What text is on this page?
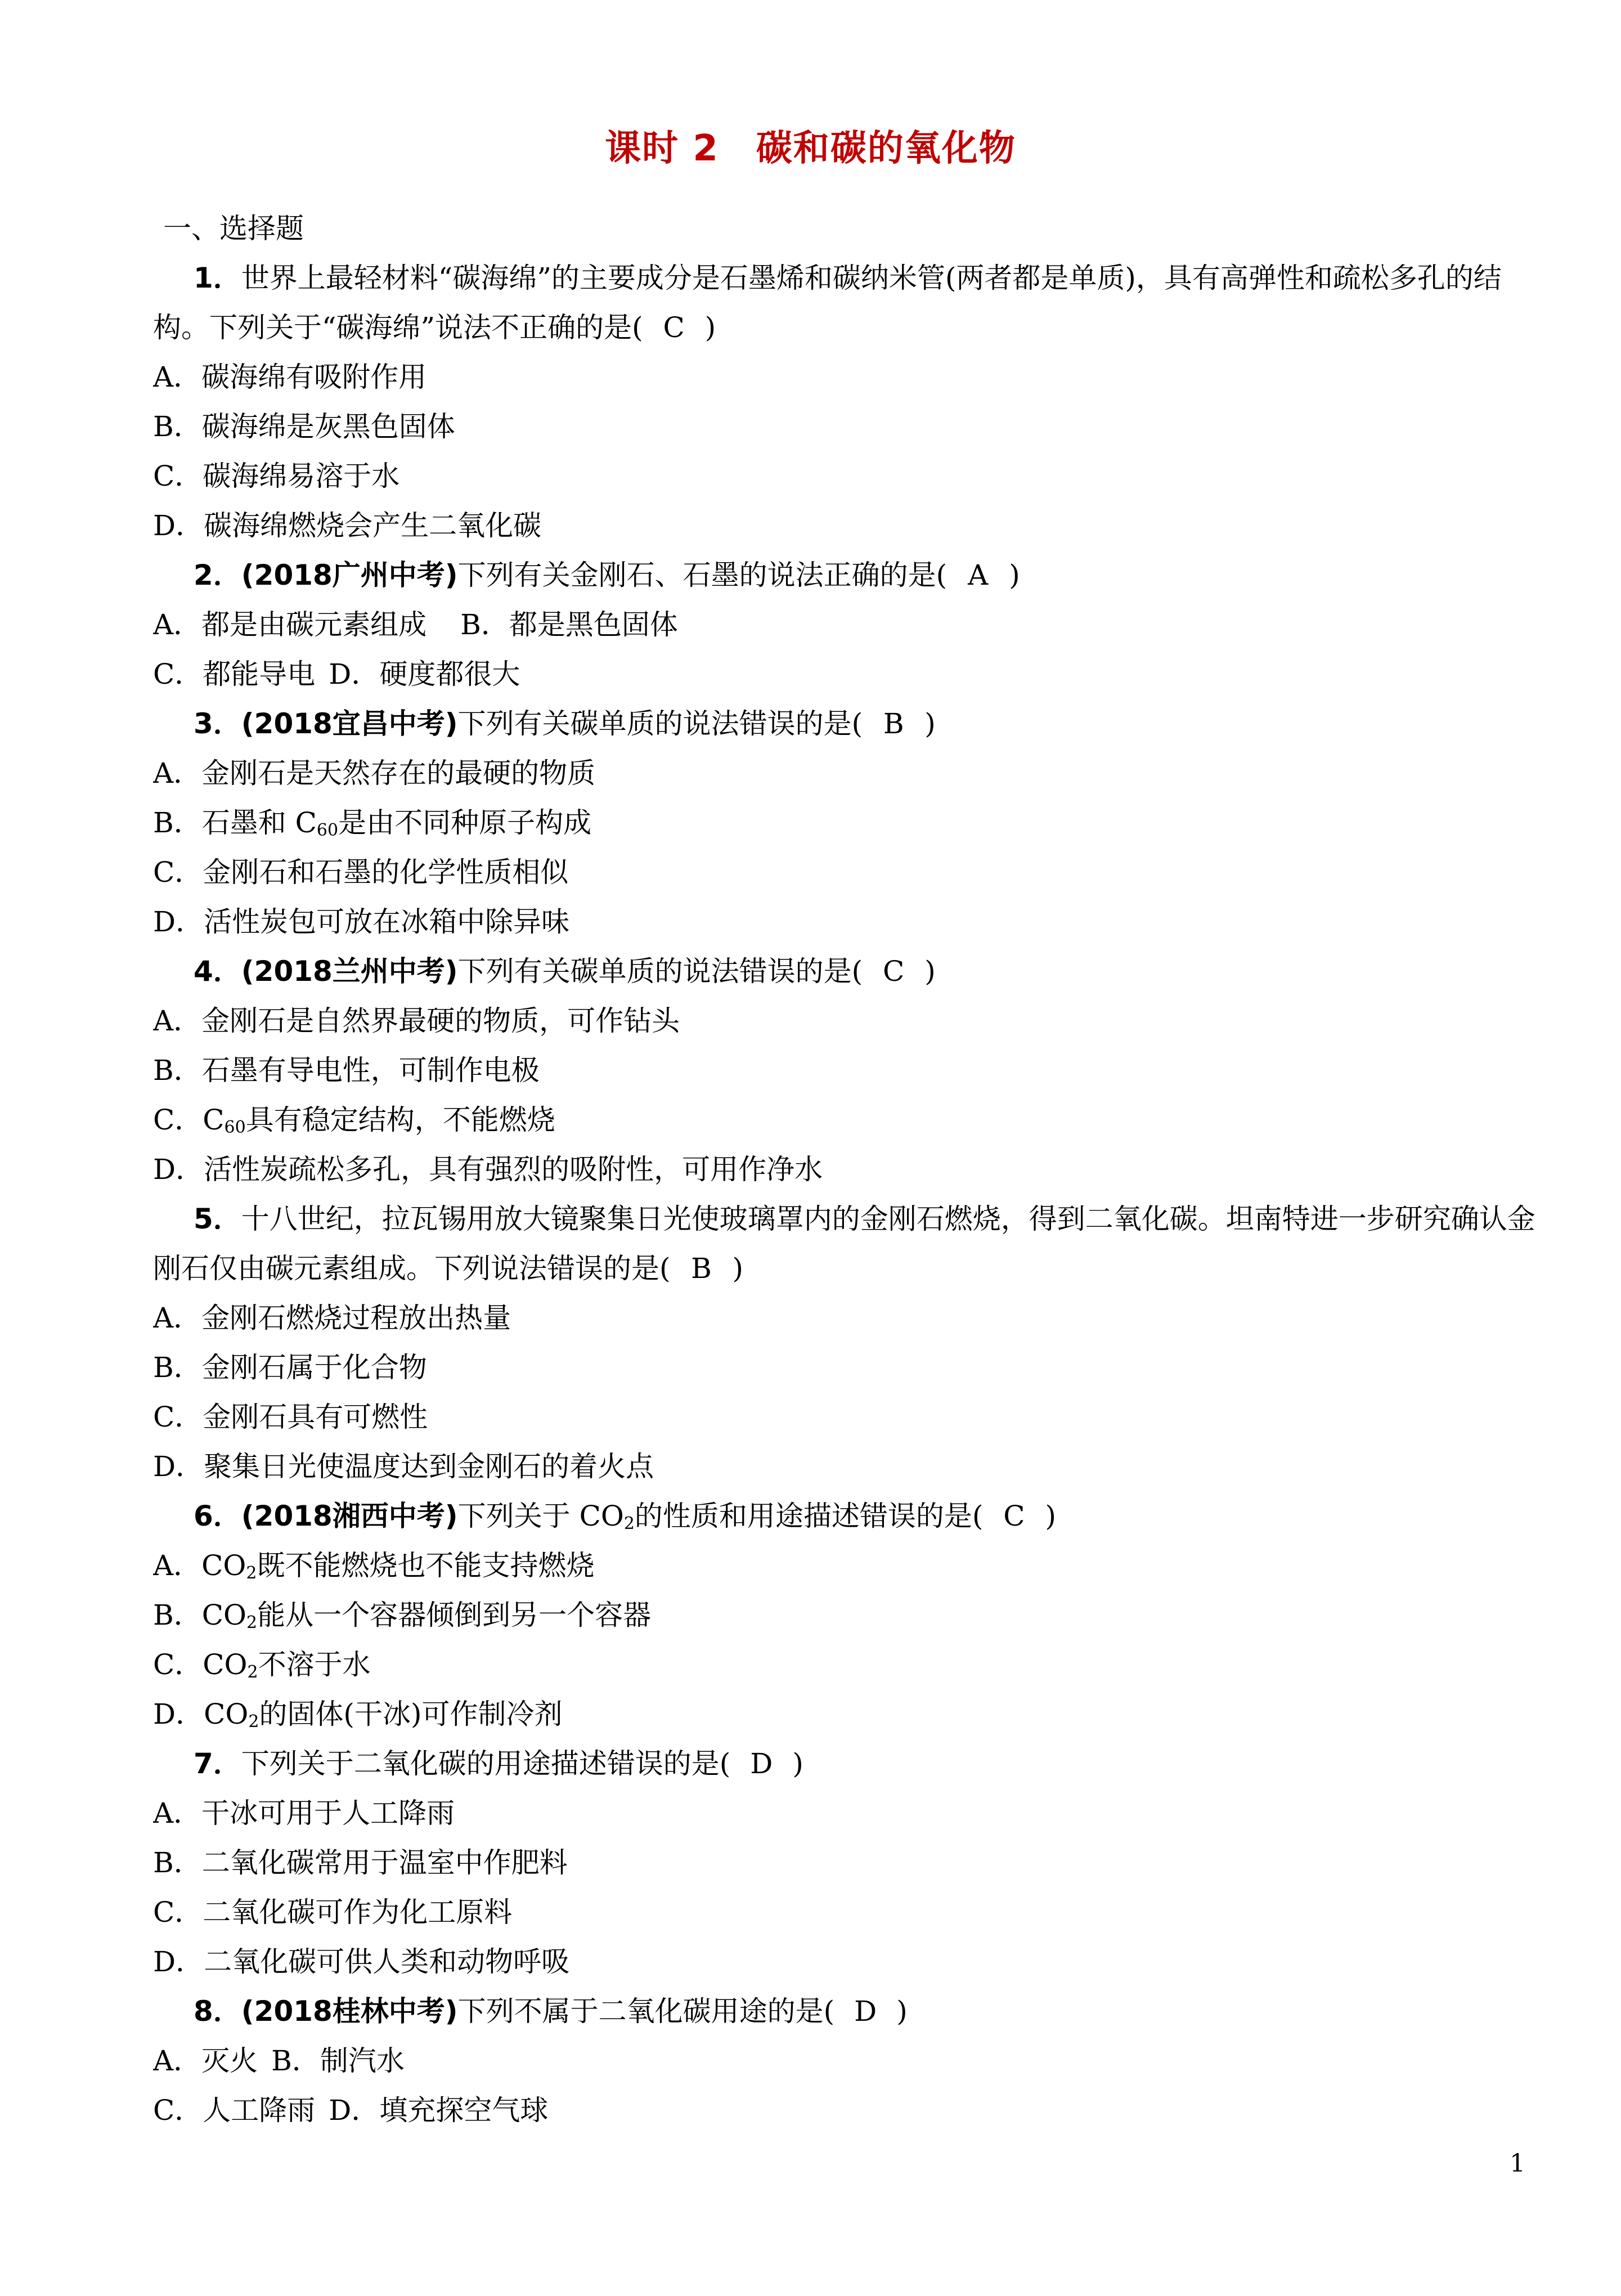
课时 2　碳和碳的氧化物
一、选择题
1．世界上最轻材料“碳海绵”的主要成分是石墨烯和碳纳米管(两者都是单质)，具有高弹性和疏松多孔的结
构。下列关于“碳海绵”说法不正确的是( C )
A．碳海绵有吸附作用
B．碳海绵是灰黑色固体
C．碳海绵易溶于水
D．碳海绵燃烧会产生二氧化碳
2．(2018广州中考)下列有关金刚石、石墨的说法正确的是( A )
A．都是由碳元素组成 B．都是黑色固体
C．都能导电 D．硬度都很大
3．(2018宜昌中考)下列有关碳单质的说法错误的是( B )
A．金刚石是天然存在的最硬的物质
B．石墨和 $C_{60}$是由不同种原子构成
C．金刚石和石墨的化学性质相似
D．活性炭包可放在冰箱中除异味
4．(2018兰州中考)下列有关碳单质的说法错误的是( C )
A．金刚石是自然界最硬的物质，可作钻头
B．石墨有导电性，可制作电极
C．$C_{60}$具有稳定结构，不能燃烧
D．活性炭疏松多孔，具有强烈的吸附性，可用作净水
5．十八世纪，拉瓦锡用放大镜聚集日光使玻璃罩内的金刚石燃烧，得到二氧化碳。坦南特进一步研究确认金
刚石仅由碳元素组成。下列说法错误的是( B )
A．金刚石燃烧过程放出热量
B．金刚石属于化合物
C．金刚石具有可燃性
D．聚集日光使温度达到金刚石的着火点
6．(2018湘西中考)下列关于 $CO_2$的性质和用途描述错误的是( C )
A．$CO_2$既不能燃烧也不能支持燃烧
B．$CO_2$能从一个容器倾倒到另一个容器
C．$CO_2$不溶于水
D．$CO_2$的固体(干冰)可作制冷剂
7．下列关于二氧化碳的用途描述错误的是( D )
A．干冰可用于人工降雨
B．二氧化碳常用于温室中作肥料
C．二氧化碳可作为化工原料
D．二氧化碳可供人类和动物呼吸
8．(2018桂林中考)下列不属于二氧化碳用途的是( D )
A．灭火 B．制汽水
C．人工降雨 D．填充探空气球
1
